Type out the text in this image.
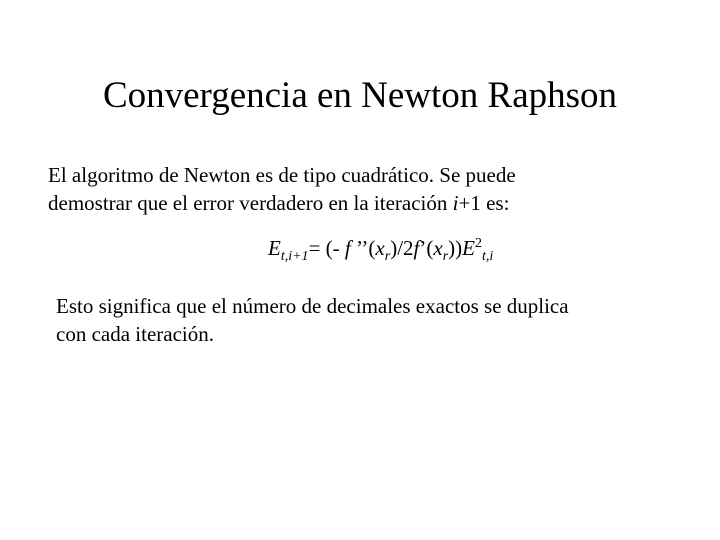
Convergencia en Newton Raphson
El algoritmo de Newton es de tipo cuadrático. Se puede
demostrar que el error verdadero en la iteración i+1 es:
$E_{t,i+1}=$ (- f $’’(x_r)/2f’(x_r))E^2_{t,i}$
Esto significa que el número de decimales exactos se duplica
con cada iteración.
